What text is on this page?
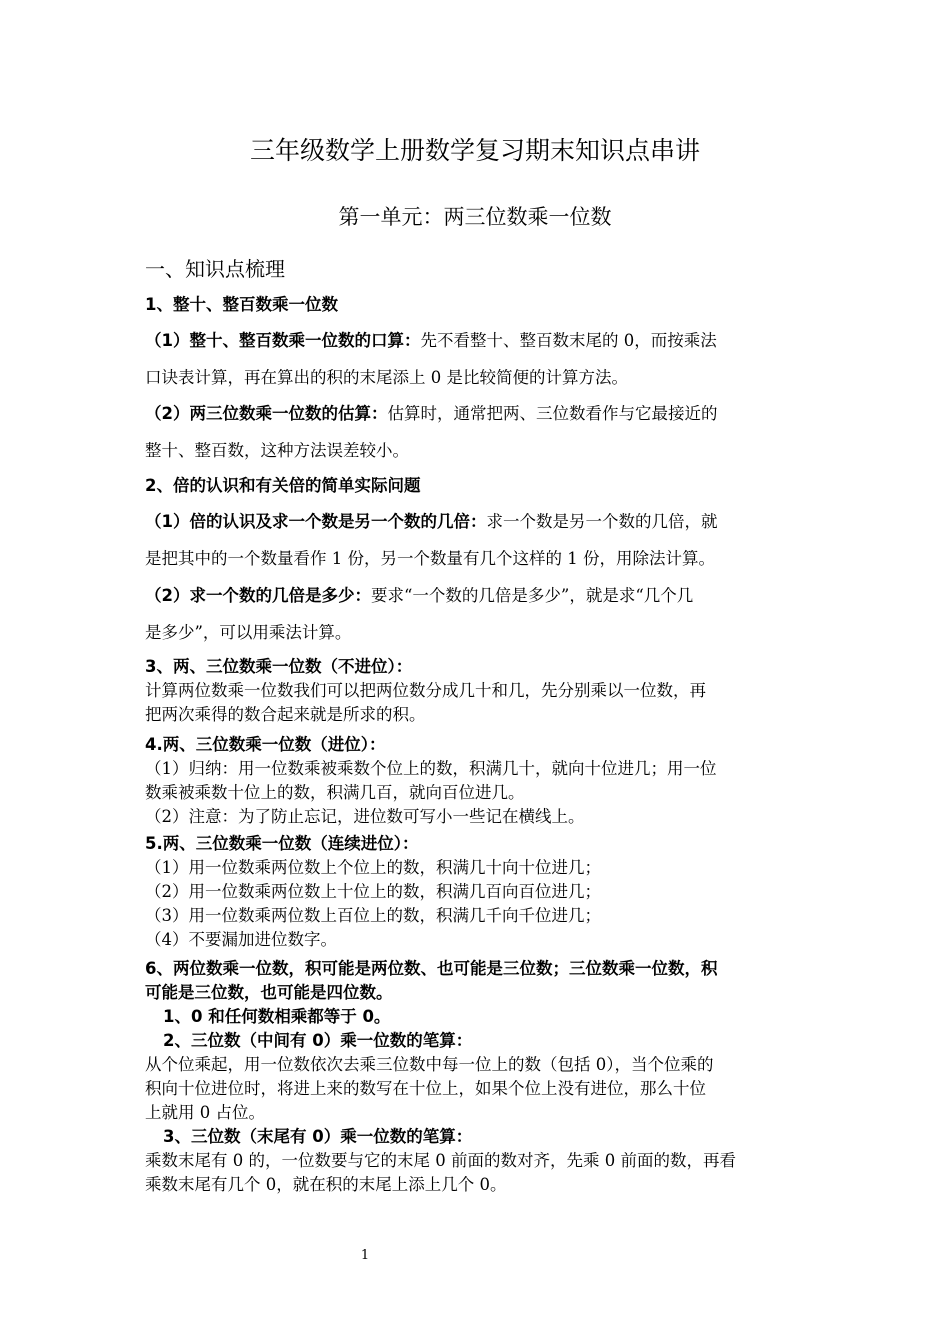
三年级数学上册数学复习期末知识点串讲
第一单元：两三位数乘一位数
一、知识点梳理
1、整十、整百数乘一位数
（1）整十、整百数乘一位数的口算：先不看整十、整百数末尾的 0，而按乘法
口诀表计算，再在算出的积的末尾添上 0 是比较简便的计算方法。
（2）两三位数乘一位数的估算：估算时，通常把两、三位数看作与它最接近的
整十、整百数，这种方法误差较小。
2、倍的认识和有关倍的简单实际问题
（1）倍的认识及求一个数是另一个数的几倍：求一个数是另一个数的几倍，就
是把其中的一个数量看作 1 份，另一个数量有几个这样的 1 份，用除法计算。
（2）求一个数的几倍是多少：要求“一个数的几倍是多少”，就是求“几个几
是多少”，可以用乘法计算。
3、两、三位数乘一位数（不进位）：
计算两位数乘一位数我们可以把两位数分成几十和几，先分别乘以一位数，再
把两次乘得的数合起来就是所求的积。
4.两、三位数乘一位数（进位）：
（1）归纳：用一位数乘被乘数个位上的数，积满几十，就向十位进几；用一位
数乘被乘数十位上的数，积满几百，就向百位进几。
（2）注意：为了防止忘记，进位数可写小一些记在横线上。
5.两、三位数乘一位数（连续进位）：
（1）用一位数乘两位数上个位上的数，积满几十向十位进几；
（2）用一位数乘两位数上十位上的数，积满几百向百位进几；
（3）用一位数乘两位数上百位上的数，积满几千向千位进几；
（4）不要漏加进位数字。
6、两位数乘一位数，积可能是两位数、也可能是三位数；三位数乘一位数，积
可能是三位数，也可能是四位数。
1、0 和任何数相乘都等于 0。
2、三位数（中间有 0）乘一位数的笔算：
从个位乘起，用一位数依次去乘三位数中每一位上的数（包括 0），当个位乘的
积向十位进位时，将进上来的数写在十位上，如果个位上没有进位，那么十位
上就用 0 占位。
3、三位数（末尾有 0）乘一位数的笔算：
乘数末尾有 0 的，一位数要与它的末尾 0 前面的数对齐，先乘 0 前面的数，再看
乘数末尾有几个 0，就在积的末尾上添上几个 0。
1
